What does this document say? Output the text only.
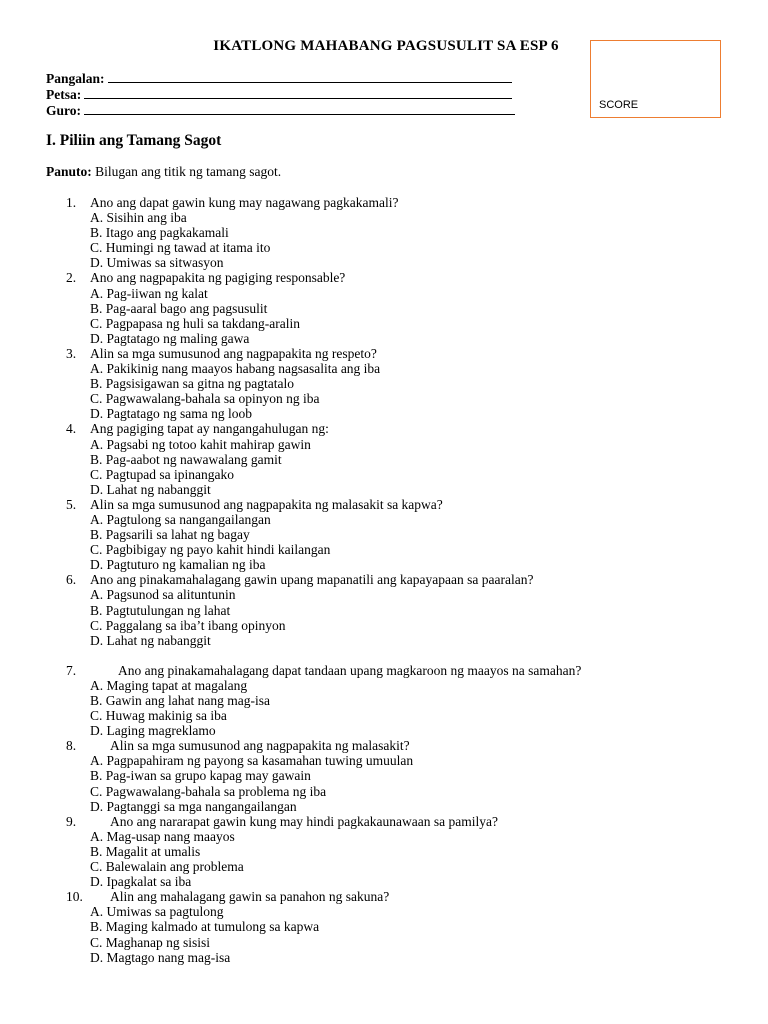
IKATLONG MAHABANG PAGSUSULIT SA ESP 6
SCORE
Pangalan:
Petsa:
Guro:
I. Piliin ang Tamang Sagot
Panuto: Bilugan ang titik ng tamang sagot.
1. Ano ang dapat gawin kung may nagawang pagkakamali?
A. Sisihin ang iba
B. Itago ang pagkakamali
C. Humingi ng tawad at itama ito
D. Umiwas sa sitwasyon
2. Ano ang nagpapakita ng pagiging responsable?
A. Pag-iiwan ng kalat
B. Pag-aaral bago ang pagsusulit
C. Pagpapasa ng huli sa takdang-aralin
D. Pagtatago ng maling gawa
3. Alin sa mga sumusunod ang nagpapakita ng respeto?
A. Pakikinig nang maayos habang nagsasalita ang iba
B. Pagsisigawan sa gitna ng pagtatalo
C. Pagwawalang-bahala sa opinyon ng iba
D. Pagtatago ng sama ng loob
4. Ang pagiging tapat ay nangangahulugan ng:
A. Pagsabi ng totoo kahit mahirap gawin
B. Pag-aabot ng nawawalang gamit
C. Pagtupad sa ipinangako
D. Lahat ng nabanggit
5. Alin sa mga sumusunod ang nagpapakita ng malasakit sa kapwa?
A. Pagtulong sa nangangailangan
B. Pagsarili sa lahat ng bagay
C. Pagbibigay ng payo kahit hindi kailangan
D. Pagtuturo ng kamalian ng iba
6. Ano ang pinakamahalagang gawin upang mapanatili ang kapayapaan sa paaralan?
A. Pagsunod sa alituntunin
B. Pagtutulungan ng lahat
C. Paggalang sa iba’t ibang opinyon
D. Lahat ng nabanggit
7.	Ano ang pinakamahalagang dapat tandaan upang magkaroon ng maayos na samahan?
A. Maging tapat at magalang
B. Gawin ang lahat nang mag-isa
C. Huwag makinig sa iba
D. Laging magreklamo
8.	Alin sa mga sumusunod ang nagpapakita ng malasakit?
A. Pagpapahiram ng payong sa kasamahan tuwing umuulan
B. Pag-iwan sa grupo kapag may gawain
C. Pagwawalang-bahala sa problema ng iba
D. Pagtanggi sa mga nangangailangan
9.	Ano ang nararapat gawin kung may hindi pagkakaunawaan sa pamilya?
A. Mag-usap nang maayos
B. Magalit at umalis
C. Balewalain ang problema
D. Ipagkalat sa iba
10. Alin ang mahalagang gawin sa panahon ng sakuna?
A. Umiwas sa pagtulong
B. Maging kalmado at tumulong sa kapwa
C. Maghanap ng sisisi
D. Magtago nang mag-isa
